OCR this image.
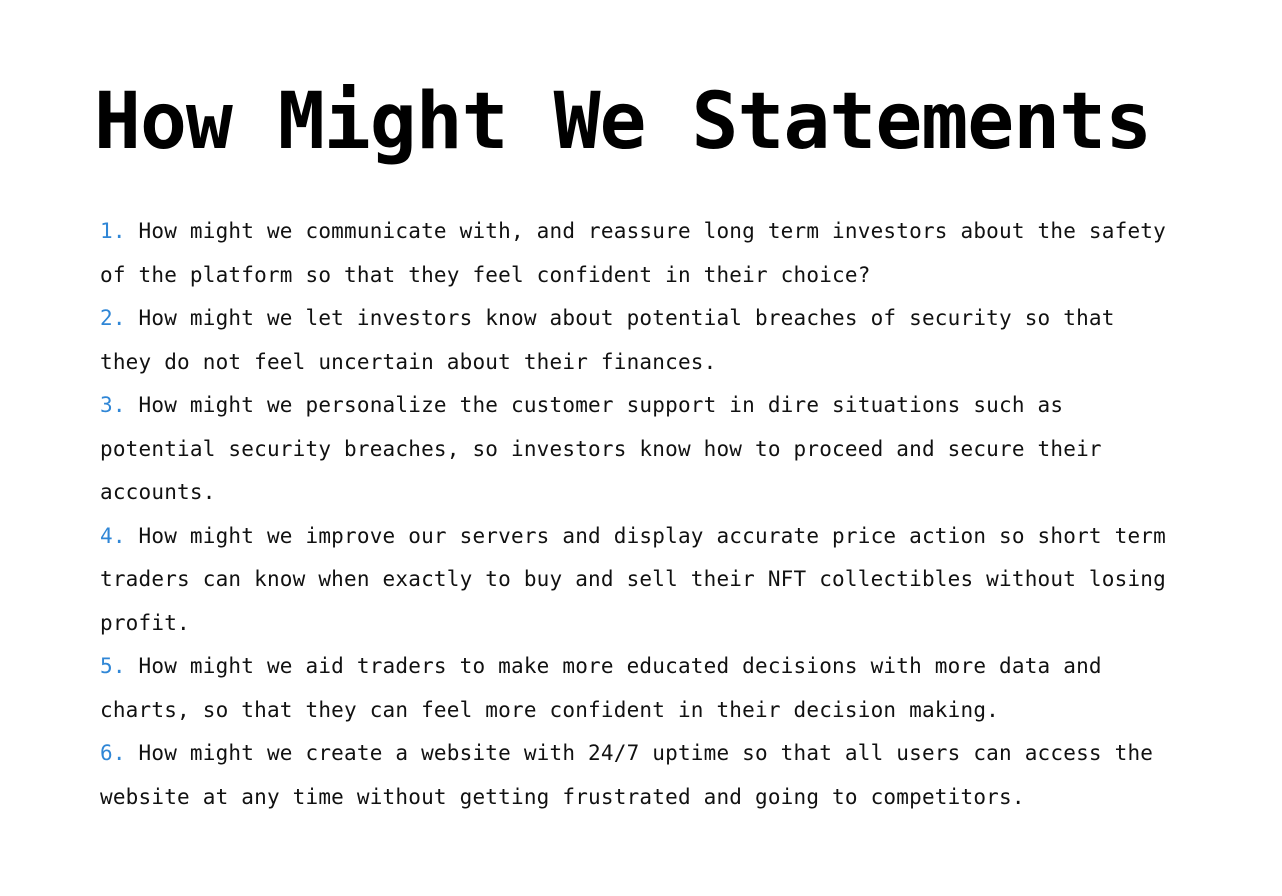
How Might We Statements
1. How might we communicate with, and reassure long term investors about the safety of the platform so that they feel confident in their choice?
2. How might we let investors know about potential breaches of security so that they do not feel uncertain about their finances.
3. How might we personalize the customer support in dire situations such as potential security breaches, so investors know how to proceed and secure their accounts.
4. How might we improve our servers and display accurate price action so short term traders can know when exactly to buy and sell their NFT collectibles without losing profit.
5. How might we aid traders to make more educated decisions with more data and charts, so that they can feel more confident in their decision making.
6. How might we create a website with 24/7 uptime so that all users can access the website at any time without getting frustrated and going to competitors.
